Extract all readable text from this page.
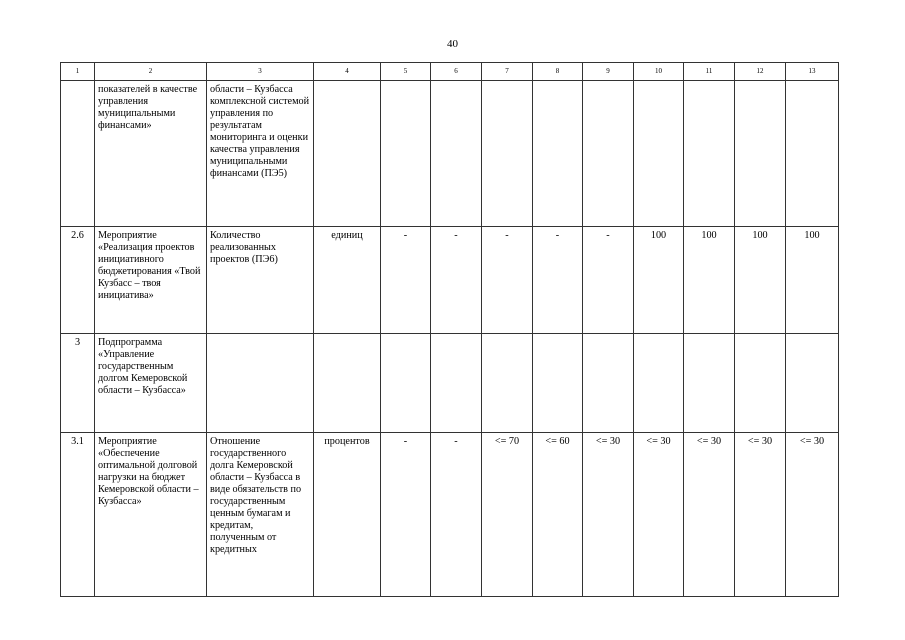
40
1	2	3	4	5	6	7	8	9	10	11	12	13
	показателей в качестве управления муниципальными финансами»	области – Кузбасса комплексной системой управления по результатам мониторинга и оценки качества управления муниципальными финансами (ПЭ5)										
2.6	Мероприятие «Реализация проектов инициативного бюджетирования «Твой Кузбасс – твоя инициатива»	Количество реализованных проектов (ПЭ6)	единиц	-	-	-	-	-	100	100	100	100
3	Подпрограмма «Управление государственным долгом Кемеровской области – Кузбасса»											
3.1	Мероприятие «Обеспечение оптимальной долговой нагрузки на бюджет Кемеровской области – Кузбасса»	Отношение государственного долга Кемеровской области – Кузбасса в виде обязательств по государственным ценным бумагам и кредитам, полученным от кредитных	процентов	-	-	<= 70	<= 60	<= 30	<= 30	<= 30	<= 30	<= 30
